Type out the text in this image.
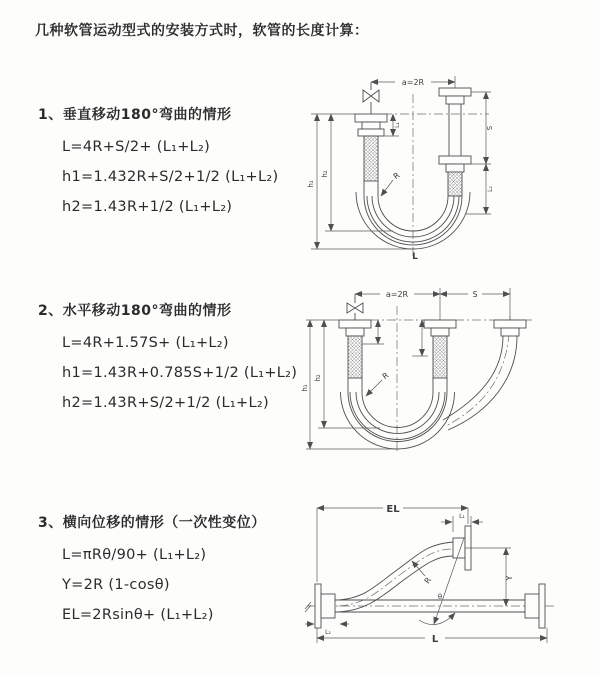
几种软管运动型式的安装方式时，软管的长度计算：
1、垂直移动180°弯曲的情形
L=4R+S/2+ (L₁+L₂)
h1=1.432R+S/2+1/2 (L₁+L₂)
h2=1.43R+1/2 (L₁+L₂)
2、水平移动180°弯曲的情形
L=4R+1.57S+ (L₁+L₂)
h1=1.43R+0.785S+1/2 (L₁+L₂)
h2=1.43R+S/2+1/2 (L₁+L₂)
3、横向位移的情形（一次性变位）
L=πRθ/90+ (L₁+L₂)
Y=2R (1-cosθ)
EL=2Rsinθ+ (L₁+L₂)
a=2R
h₁
h₂
L₁
S
L₂
R
L
a=2R	S
h₁
h₂	R
EL
L₁
Y
R
θ
L
L₂
